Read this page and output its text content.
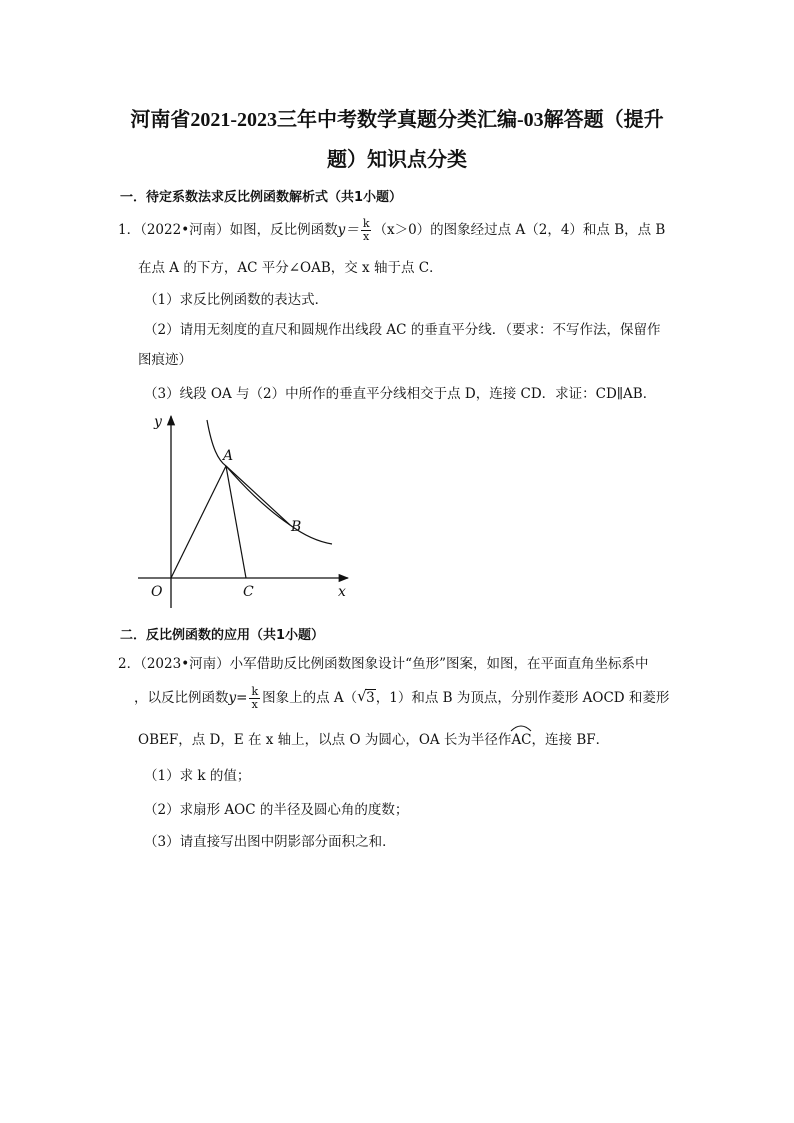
河南省2021-2023三年中考数学真题分类汇编-03解答题（提升
题）知识点分类
一．待定系数法求反比例函数解析式（共1小题）
1．（2022•河南）如图，反比例函数$y= \frac{k}{x} (x>0)$的图象经过点 A（2，4）和点 B，点 B
在点 A 的下方，AC 平分∠OAB，交 x 轴于点 C．
（1）求反比例函数的表达式．
（2）请用无刻度的直尺和圆规作出线段 AC 的垂直平分线．（要求：不写作法，保留作
图痕迹）
（3）线段 OA 与（2）中所作的垂直平分线相交于点 D，连接 CD．求证：CD∥AB．
y
x
O
A
B
C
二．反比例函数的应用（共1小题）
2．（2023•河南）小军借助反比例函数图象设计“鱼形”图案，如图，在平面直角坐标系中
，以反比例函数$y= \frac{k}{x}$ 图象上的点 A（ √ 3，1）和点 B 为顶点，分别作菱形 AOCD 和菱形
OBEF，点 D，E 在 x 轴上，以点 O 为圆心，OA 长为半径作
AC，连接 BF．
（1）求 k 的值；
（2）求扇形 AOC 的半径及圆心角的度数；
（3）请直接写出图中阴影部分面积之和．
